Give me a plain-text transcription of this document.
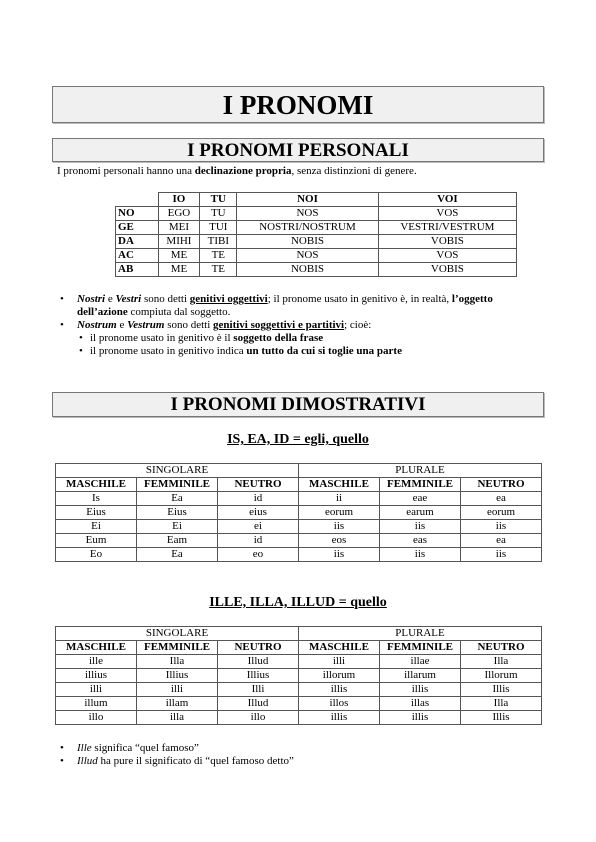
I PRONOMI
I PRONOMI PERSONALI
I pronomi personali hanno una declinazione propria, senza distinzioni di genere.
	IO	TU	NOI	VOI
NO	EGO	TU	NOS	VOS
GE	MEI	TUI	NOSTRI/NOSTRUM	VESTRI/VESTRUM
DA	MIHI	TIBI	NOBIS	VOBIS
AC	ME	TE	NOS	VOS
AB	ME	TE	NOBIS	VOBIS
• Nostri e Vestri sono detti genitivi oggettivi; il pronome usato in genitivo è, in realtà, l’oggetto dell’azione compiuta dal soggetto.
• Nostrum e Vestrum sono detti genitivi soggettivi e partitivi; cioè:
• il pronome usato in genitivo è il soggetto della frase
• il pronome usato in genitivo indica un tutto da cui si toglie una parte
I PRONOMI DIMOSTRATIVI
IS, EA, ID = egli, quello
SINGOLARE			PLURALE		
MASCHILE	FEMMINILE	NEUTRO	MASCHILE	FEMMINILE	NEUTRO
Is	Ea	id	ii	eae	ea
Eius	Eius	eius	eorum	earum	eorum
Ei	Ei	ei	iis	iis	iis
Eum	Eam	id	eos	eas	ea
Eo	Ea	eo	iis	iis	iis
ILLE, ILLA, ILLUD = quello
SINGOLARE			PLURALE		
MASCHILE	FEMMINILE	NEUTRO	MASCHILE	FEMMINILE	NEUTRO
ille	Illa	Illud	illi	illae	Illa
illius	Illius	Illius	illorum	illarum	Illorum
illi	illi	Illi	illis	illis	Illis
illum	illam	Illud	illos	illas	Illa
illo	illa	illo	illis	illis	Illis
• Ille significa “quel famoso”
• Illud ha pure il significato di “quel famoso detto”
